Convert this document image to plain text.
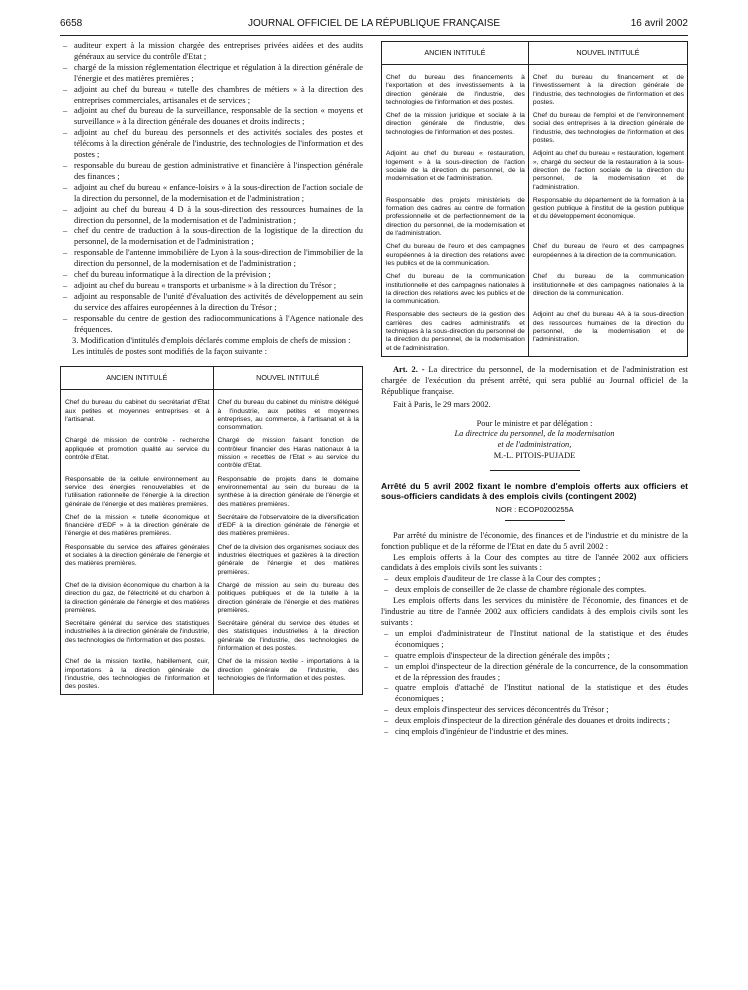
6658	JOURNAL OFFICIEL DE LA RÉPUBLIQUE FRANÇAISE	16 avril 2002
– auditeur expert à la mission chargée des entreprises privées aidées et des audits généraux au service du contrôle d'Etat ;
– chargé de la mission réglementation électrique et régulation à la direction générale de l'énergie et des matières premières ;
– adjoint au chef du bureau « tutelle des chambres de métiers » à la direction des entreprises commerciales, artisanales et de services ;
– adjoint au chef du bureau de la surveillance, responsable de la section « moyens et surveillance » à la direction générale des douanes et droits indirects ;
– adjoint au chef du bureau des personnels et des activités sociales des postes et télécoms à la direction générale de l'industrie, des technologies de l'information et des postes ;
– responsable du bureau de gestion administrative et financière à l'inspection générale des finances ;
– adjoint au chef du bureau « enfance-loisirs » à la sous-direction de l'action sociale de la direction du personnel, de la modernisation et de l'administration ;
– adjoint au chef du bureau 4 D à la sous-direction des ressources humaines de la direction du personnel, de la modernisation et de l'administration ;
– chef du centre de traduction à la sous-direction de la logistique de la direction du personnel, de la modernisation et de l'administration ;
– responsable de l'antenne immobilière de Lyon à la sous-direction de l'immobilier de la direction du personnel, de la modernisation et de l'administration ;
– chef du bureau informatique à la direction de la prévision ;
– adjoint au chef du bureau « transports et urbanisme » à la direction du Trésor ;
– adjoint au responsable de l'unité d'évaluation des activités de développement au sein du service des affaires européennes à la direction du Trésor ;
– responsable du centre de gestion des radiocommunications à l'Agence nationale des fréquences.

3. Modification d'intitulés d'emplois déclarés comme emplois de chefs de mission :

Les intitulés de postes sont modifiés de la façon suivante :

ANCIEN INTITULÉ	NOUVEL INTITULÉ
Chef du bureau du cabinet du secrétariat d'Etat aux petites et moyennes entreprises et à l'artisanat.	Chef du bureau du cabinet du ministre délégué à l'industrie, aux petites et moyennes entreprises, au commerce, à l'artisanat et à la consommation.
Chargé de mission de contrôle - recherche appliquée et promotion qualité au service du contrôle d'Etat.	Chargé de mission faisant fonction de contrôleur financier des Haras nationaux à la mission « recettes de l'Etat » au service du contrôle d'Etat.
Responsable de la cellule environnement au service des énergies renouvelables et de l'utilisation rationnelle de l'énergie à la direction générale de l'énergie et des matières premières.	Responsable de projets dans le domaine environnemental au sein du bureau de la synthèse à la direction générale de l'énergie et des matières premières.
Chef de la mission « tutelle économique et financière d'EDF » à la direction générale de l'énergie et des matières premières.	Secrétaire de l'observatoire de la diversification d'EDF à la direction générale de l'énergie et des matières premières.
Responsable du service des affaires générales et sociales à la direction générale de l'énergie et des matières premières.	Chef de la division des organismes sociaux des industries électriques et gazières à la direction générale de l'énergie et des matières premières.
Chef de la division économique du charbon à la direction du gaz, de l'électricité et du charbon à la direction générale de l'énergie et des matières premières.	Chargé de mission au sein du bureau des politiques publiques et de la tutelle à la direction générale de l'énergie et des matières premières.
Secrétaire général du service des statistiques industrielles à la direction générale de l'industrie, des technologies de l'information et des postes.	Secrétaire général du service des études et des statistiques industrielles à la direction générale de l'industrie, des technologies de l'information et des postes.
Chef de la mission textile, habillement, cuir, importations à la direction générale de l'industrie, des technologies de l'information et des postes.	Chef de la mission textile - importations à la direction générale de l'industrie, des technologies de l'information et des postes.
ANCIEN INTITULÉ	NOUVEL INTITULÉ
Chef du bureau des financements à l'exportation et des investissements à la direction générale de l'industrie, des technologies de l'information et des postes.	Chef du bureau du financement et de l'investissement à la direction générale de l'industrie, des technologies de l'information et des postes.
Chef de la mission juridique et sociale à la direction générale de l'industrie, des technologies de l'information et des postes.	Chef du bureau de l'emploi et de l'environnement social des entreprises à la direction générale de l'industrie, des technologies de l'information et des postes.
Adjoint au chef du bureau « restauration, logement » à la sous-direction de l'action sociale de la direction du personnel, de la modernisation et de l'administration.	Adjoint au chef du bureau « restauration, logement », chargé du secteur de la restauration à la sous-direction de l'action sociale de la direction du personnel, de la modernisation et de l'administration.
Responsable des projets ministériels de formation des cadres au centre de formation professionnelle et de perfectionnement de la direction du personnel, de la modernisation et de l'administration.	Responsable du département de la formation à la gestion publique à l'institut de la gestion publique et du développement économique.
Chef du bureau de l'euro et des campagnes européennes à la direction des relations avec les publics et de la communication.	Chef du bureau de l'euro et des campagnes européennes à la direction de la communication.
Chef du bureau de la communication institutionnelle et des campagnes nationales à la direction des relations avec les publics et de la communication.	Chef du bureau de la communication institutionnelle et des campagnes nationales à la direction de la communication.
Responsable des secteurs de la gestion des carrières des cadres administratifs et techniques à la sous-direction du personnel de la direction du personnel, de la modernisation et de l'administration.	Adjoint au chef du bureau 4A à la sous-direction des ressources humaines de la direction du personnel, de la modernisation et de l'administration.

Art. 2. - La directrice du personnel, de la modernisation et de l'administration est chargée de l'exécution du présent arrêté, qui sera publié au Journal officiel de la République française.

Fait à Paris, le 29 mars 2002.

Pour le ministre et par délégation :

La directrice du personnel, de la modernisation

et de l'administration,

M.-L. PITOIS-PUJADE

Arrêté du 5 avril 2002 fixant le nombre d'emplois offerts aux officiers et sous-officiers candidats à des emplois civils (contingent 2002)

NOR : ECOP0200255A

Par arrêté du ministre de l'économie, des finances et de l'industrie et du ministre de la fonction publique et de la réforme de l'Etat en date du 5 avril 2002 :

Les emplois offerts à la Cour des comptes au titre de l'année 2002 aux officiers candidats à des emplois civils sont les suivants :

– deux emplois d'auditeur de 1re classe à la Cour des comptes ;
– deux emplois de conseiller de 2e classe de chambre régionale des comptes.

Les emplois offerts dans les services du ministère de l'économie, des finances et de l'industrie au titre de l'année 2002 aux officiers candidats à des emplois civils sont les suivants :

– un emploi d'administrateur de l'Institut national de la statistique et des études économiques ;
– quatre emplois d'inspecteur de la direction générale des impôts ;
– un emploi d'inspecteur de la direction générale de la concurrence, de la consommation et de la répression des fraudes ;
– quatre emplois d'attaché de l'Institut national de la statistique et des études économiques ;
– deux emplois d'inspecteur des services déconcentrés du Trésor ;
– deux emplois d'inspecteur de la direction générale des douanes et droits indirects ;
– cinq emplois d'ingénieur de l'industrie et des mines.
